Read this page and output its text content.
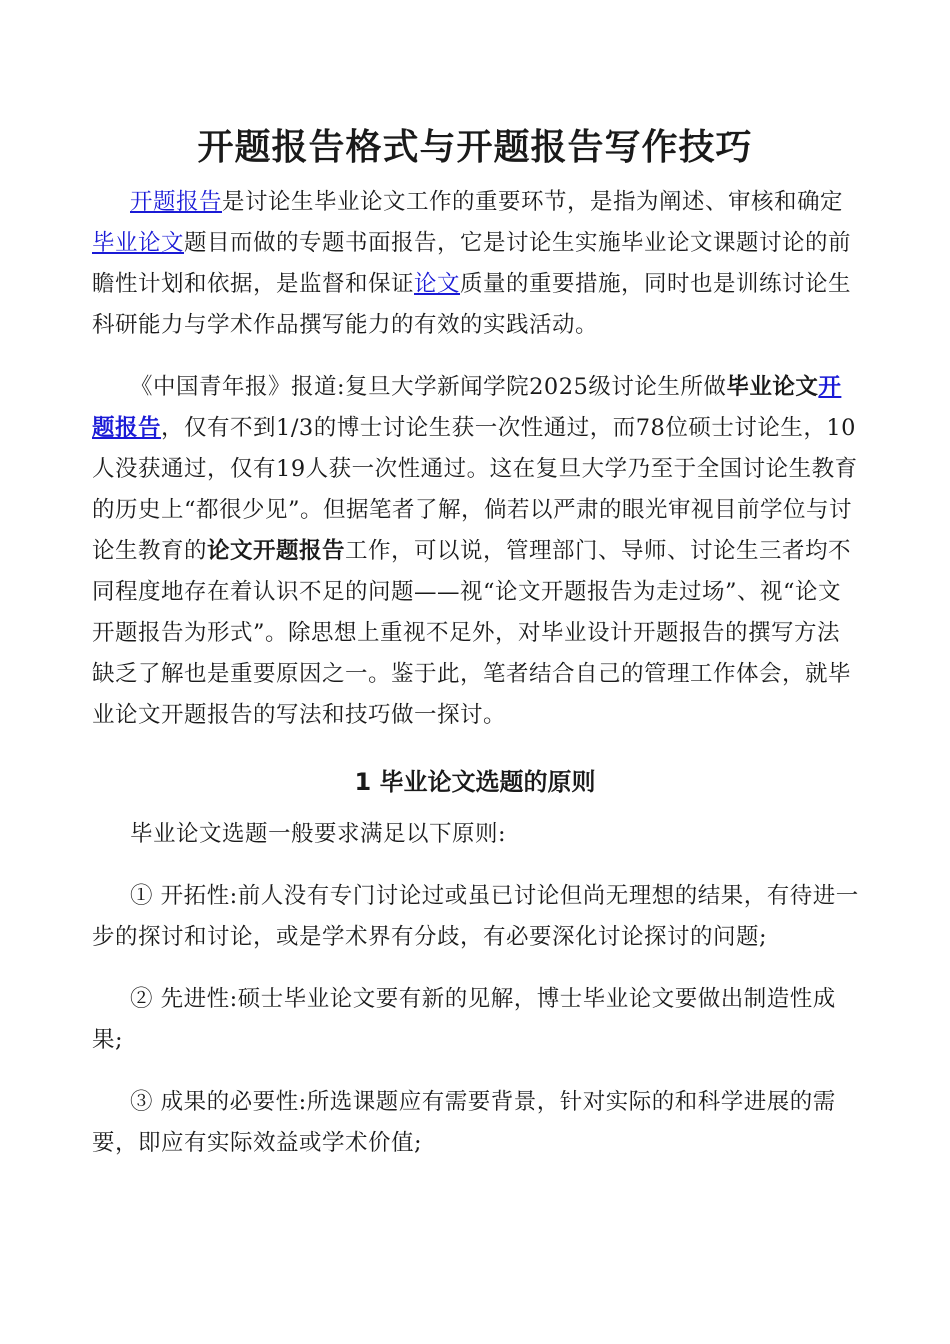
开题报告格式与开题报告写作技巧

开题报告是讨论生毕业论文工作的重要环节，是指为阐述、审核和确定毕业论文题目而做的专题书面报告，它是讨论生实施毕业论文课题讨论的前瞻性计划和依据，是监督和保证论文质量的重要措施，同时也是训练讨论生科研能力与学术作品撰写能力的有效的实践活动。

《中国青年报》报道:复旦大学新闻学院2025级讨论生所做毕业论文开题报告，仅有不到1/3的博士讨论生获一次性通过，而78位硕士讨论生，10人没获通过，仅有19人获一次性通过。这在复旦大学乃至于全国讨论生教育的历史上“都很少见”。但据笔者了解，倘若以严肃的眼光审视目前学位与讨论生教育的论文开题报告工作，可以说，管理部门、导师、讨论生三者均不同程度地存在着认识不足的问题——视“论文开题报告为走过场”、视“论文开题报告为形式”。除思想上重视不足外，对毕业设计开题报告的撰写方法缺乏了解也是重要原因之一。鉴于此，笔者结合自己的管理工作体会，就毕业论文开题报告的写法和技巧做一探讨。

1 毕业论文选题的原则

毕业论文选题一般要求满足以下原则:

① 开拓性:前人没有专门讨论过或虽已讨论但尚无理想的结果，有待进一步的探讨和讨论，或是学术界有分歧，有必要深化讨论探讨的问题;

② 先进性:硕士毕业论文要有新的见解，博士毕业论文要做出制造性成果;

③ 成果的必要性:所选课题应有需要背景，针对实际的和科学进展的需要，即应有实际效益或学术价值;
